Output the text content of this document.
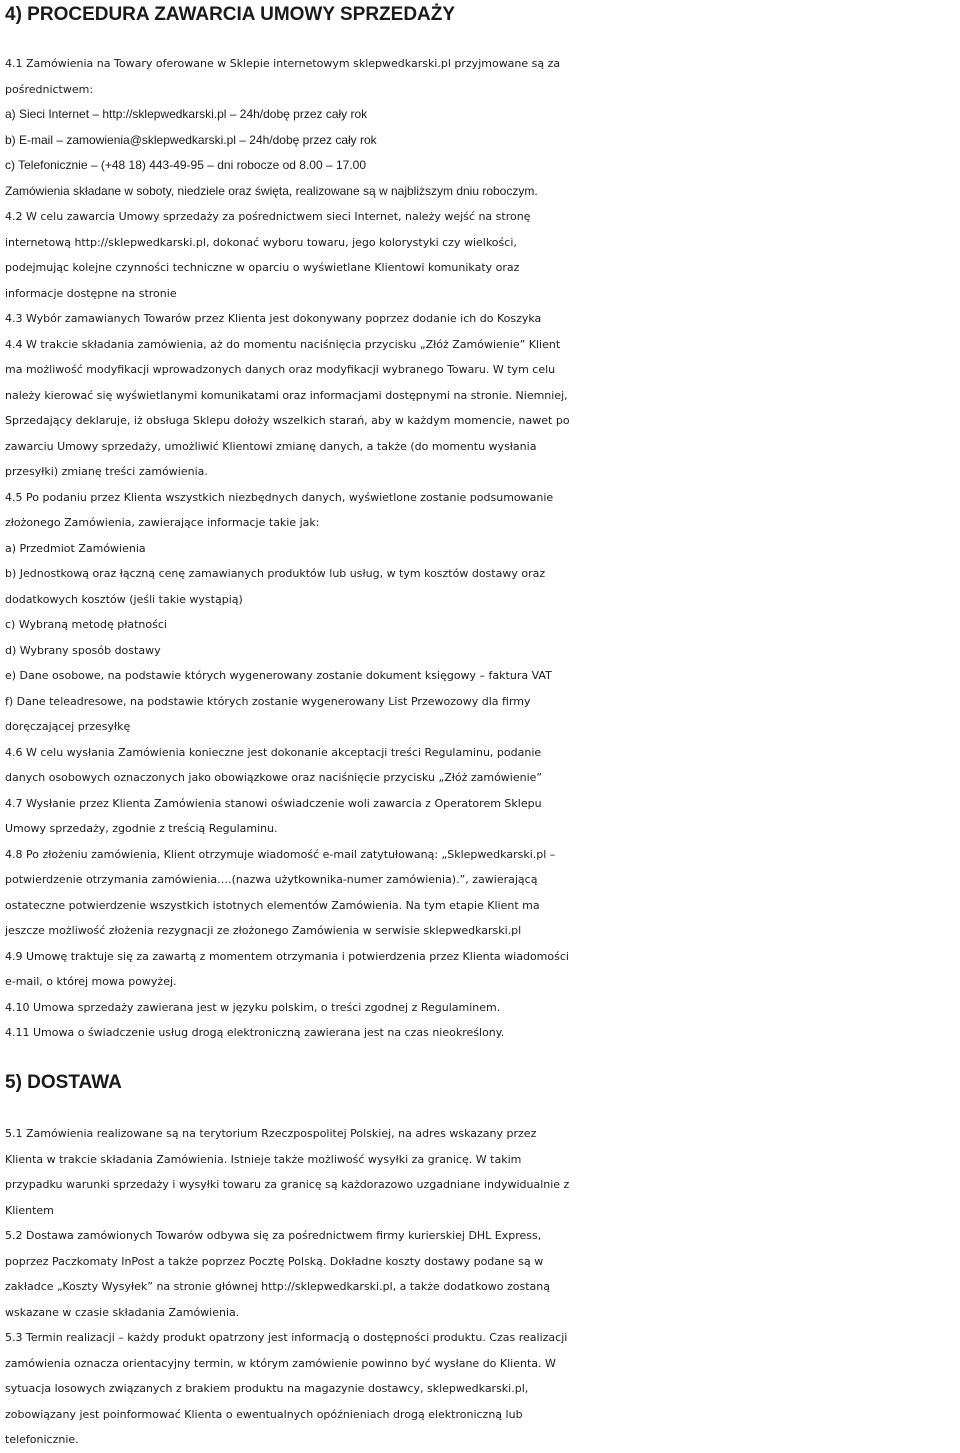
4) PROCEDURA ZAWARCIA UMOWY SPRZEDAŻY

4.1 Zamówienia na Towary oferowane w Sklepie internetowym sklepwedkarski.pl przyjmowane są za

pośrednictwem:

a) Sieci Internet – http://sklepwedkarski.pl – 24h/dobę przez cały rok

b) E-mail – zamowienia@sklepwedkarski.pl – 24h/dobę przez cały rok

c) Telefonicznie – (+48 18) 443-49-95 – dni robocze od 8.00 – 17.00

Zamówienia składane w soboty, niedziele oraz święta, realizowane są w najbliższym dniu roboczym.

4.2 W celu zawarcia Umowy sprzedaży za pośrednictwem sieci Internet, należy wejść na stronę

internetową http://sklepwedkarski.pl, dokonać wyboru towaru, jego kolorystyki czy wielkości,

podejmując kolejne czynności techniczne w oparciu o wyświetlane Klientowi komunikaty oraz

informacje dostępne na stronie

4.3 Wybór zamawianych Towarów przez Klienta jest dokonywany poprzez dodanie ich do Koszyka

4.4 W trakcie składania zamówienia, aż do momentu naciśnięcia przycisku „Złóż Zamówienie” Klient

ma możliwość modyfikacji wprowadzonych danych oraz modyfikacji wybranego Towaru. W tym celu

należy kierować się wyświetlanymi komunikatami oraz informacjami dostępnymi na stronie. Niemniej,

Sprzedający deklaruje, iż obsługa Sklepu dołoży wszelkich starań, aby w każdym momencie, nawet po

zawarciu Umowy sprzedaży, umożliwić Klientowi zmianę danych, a także (do momentu wysłania

przesyłki) zmianę treści zamówienia.

4.5 Po podaniu przez Klienta wszystkich niezbędnych danych, wyświetlone zostanie podsumowanie

złożonego Zamówienia, zawierające informacje takie jak:

a) Przedmiot Zamówienia

b) Jednostkową oraz łączną cenę zamawianych produktów lub usług, w tym kosztów dostawy oraz

dodatkowych kosztów (jeśli takie wystąpią)

c) Wybraną metodę płatności

d) Wybrany sposób dostawy

e) Dane osobowe, na podstawie których wygenerowany zostanie dokument księgowy – faktura VAT

f) Dane teleadresowe, na podstawie których zostanie wygenerowany List Przewozowy dla firmy

doręczającej przesyłkę

4.6 W celu wysłania Zamówienia konieczne jest dokonanie akceptacji treści Regulaminu, podanie

danych osobowych oznaczonych jako obowiązkowe oraz naciśnięcie przycisku „Złóż zamówienie”

4.7 Wysłanie przez Klienta Zamówienia stanowi oświadczenie woli zawarcia z Operatorem Sklepu

Umowy sprzedaży, zgodnie z treścią Regulaminu.

4.8 Po złożeniu zamówienia, Klient otrzymuje wiadomość e-mail zatytułowaną: „Sklepwedkarski.pl –

potwierdzenie otrzymania zamówienia….(nazwa użytkownika-numer zamówienia).”, zawierającą

ostateczne potwierdzenie wszystkich istotnych elementów Zamówienia. Na tym etapie Klient ma

jeszcze możliwość złożenia rezygnacji ze złożonego Zamówienia w serwisie sklepwedkarski.pl

4.9 Umowę traktuje się za zawartą z momentem otrzymania i potwierdzenia przez Klienta wiadomości

e-mail, o której mowa powyżej.

4.10 Umowa sprzedaży zawierana jest w języku polskim, o treści zgodnej z Regulaminem.

4.11 Umowa o świadczenie usług drogą elektroniczną zawierana jest na czas nieokreślony.

5) DOSTAWA

5.1 Zamówienia realizowane są na terytorium Rzeczpospolitej Polskiej, na adres wskazany przez

Klienta w trakcie składania Zamówienia. Istnieje także możliwość wysyłki za granicę. W takim

przypadku warunki sprzedaży i wysyłki towaru za granicę są każdorazowo uzgadniane indywidualnie z

Klientem

5.2 Dostawa zamówionych Towarów odbywa się za pośrednictwem firmy kurierskiej DHL Express,

poprzez Paczkomaty InPost a także poprzez Pocztę Polską. Dokładne koszty dostawy podane są w

zakładce „Koszty Wysyłek” na stronie głównej http://sklepwedkarski.pl, a także dodatkowo zostaną

wskazane w czasie składania Zamówienia.

5.3 Termin realizacji – każdy produkt opatrzony jest informacją o dostępności produktu. Czas realizacji

zamówienia oznacza orientacyjny termin, w którym zamówienie powinno być wysłane do Klienta. W

sytuacja losowych związanych z brakiem produktu na magazynie dostawcy, sklepwedkarski.pl,

zobowiązany jest poinformować Klienta o ewentualnych opóźnieniach drogą elektroniczną lub

telefonicznie.
